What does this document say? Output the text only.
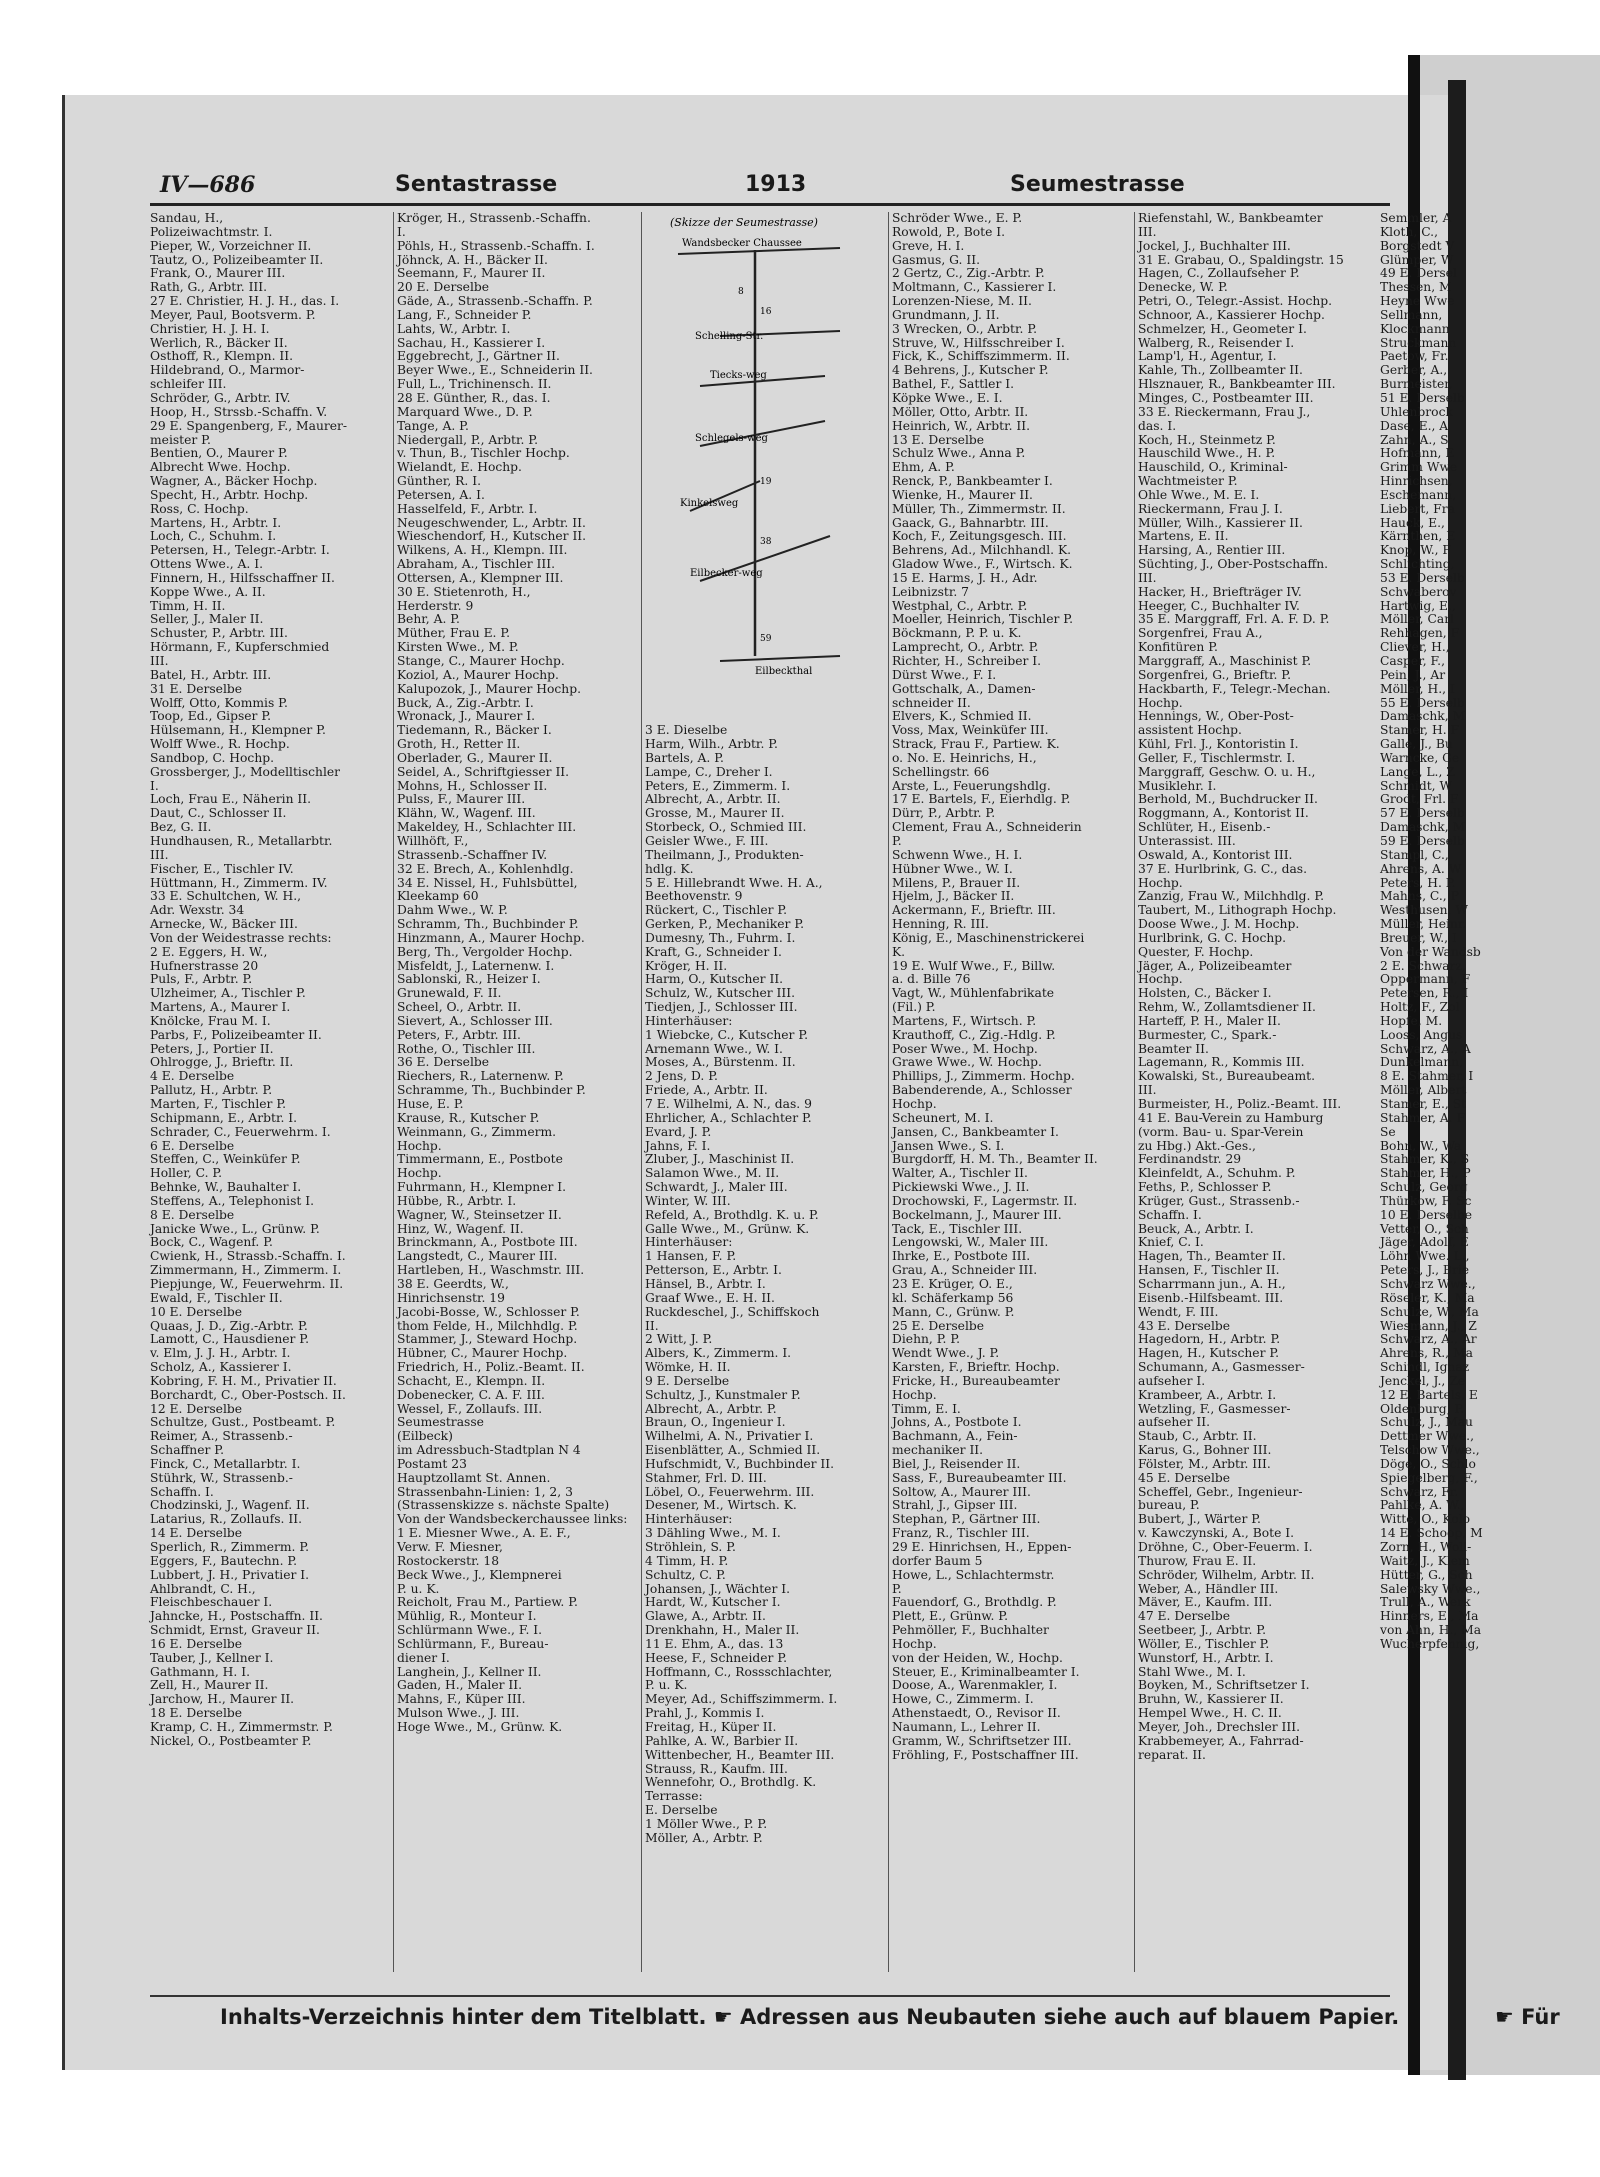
IV—686	Sentastrasse	1913	Seumestrasse
Sandau, H.,
Polizeiwachtmstr. I.
Pieper, W., Vorzeichner II.
Tautz, O., Polizeibeamter II.
Frank, O., Maurer III.
Rath, G., Arbtr. III.
27 E. Christier, H. J. H., das. I.
Meyer, Paul, Bootsverm. P.
Christier, H. J. H. I.
Werlich, R., Bäcker II.
Osthoff, R., Klempn. II.
Hildebrand, O., Marmor-
schleifer III.
Schröder, G., Arbtr. IV.
Hoop, H., Strssb.-Schaffn. V.
29 E. Spangenberg, F., Maurer-
meister P.
Bentien, O., Maurer P.
Albrecht Wwe. Hochp.
Wagner, A., Bäcker Hochp.
Specht, H., Arbtr. Hochp.
Ross, C. Hochp.
Martens, H., Arbtr. I.
Loch, C., Schuhm. I.
Petersen, H., Telegr.-Arbtr. I.
Ottens Wwe., A. I.
Finnern, H., Hilfsschaffner II.
Koppe Wwe., A. II.
Timm, H. II.
Seller, J., Maler II.
Schuster, P., Arbtr. III.
Hörmann, F., Kupferschmied
III.
Batel, H., Arbtr. III.
31 E. Derselbe
Wolff, Otto, Kommis P.
Toop, Ed., Gipser P.
Hülsemann, H., Klempner P.
Wolff Wwe., R. Hochp.
Sandbop, C. Hochp.
Grossberger, J., Modelltischler
I.
Loch, Frau E., Näherin II.
Daut, C., Schlosser II.
Bez, G. II.
Hundhausen, R., Metallarbtr.
III.
Fischer, E., Tischler IV.
Hüttmann, H., Zimmerm. IV.
33 E. Schultchen, W. H.,
Adr. Wexstr. 34
Arnecke, W., Bäcker III.
Von der Weidestrasse rechts:
2 E. Eggers, H. W.,
Hufnerstrasse 20
Puls, F., Arbtr. P.
Ulzheimer, A., Tischler P.
Martens, A., Maurer I.
Knölcke, Frau M. I.
Parbs, F., Polizeibeamter II.
Peters, J., Portier II.
Ohlrogge, J., Brieftr. II.
4 E. Derselbe
Pallutz, H., Arbtr. P.
Marten, F., Tischler P.
Schipmann, E., Arbtr. I.
Schrader, C., Feuerwehrm. I.
6 E. Derselbe
Steffen, C., Weinküfer P.
Holler, C. P.
Behnke, W., Bauhalter I.
Steffens, A., Telephonist I.
8 E. Derselbe
Janicke Wwe., L., Grünw. P.
Bock, C., Wagenf. P.
Cwienk, H., Strassb.-Schaffn. I.
Zimmermann, H., Zimmerm. I.
Piepjunge, W., Feuerwehrm. II.
Ewald, F., Tischler II.
10 E. Derselbe
Quaas, J. D., Zig.-Arbtr. P.
Lamott, C., Hausdiener P.
v. Elm, J. J. H., Arbtr. I.
Scholz, A., Kassierer I.
Kobring, F. H. M., Privatier II.
Borchardt, C., Ober-Postsch. II.
12 E. Derselbe
Schultze, Gust., Postbeamt. P.
Reimer, A., Strassenb.-
Schaffner P.
Finck, C., Metallarbtr. I.
Stührk, W., Strassenb.-
Schaffn. I.
Chodzinski, J., Wagenf. II.
Latarius, R., Zollaufs. II.
14 E. Derselbe
Sperlich, R., Zimmerm. P.
Eggers, F., Bautechn. P.
Lubbert, J. H., Privatier I.
Ahlbrandt, C. H.,
Fleischbeschauer I.
Jahncke, H., Postschaffn. II.
Schmidt, Ernst, Graveur II.
16 E. Derselbe
Tauber, J., Kellner I.
Gathmann, H. I.
Zell, H., Maurer II.
Jarchow, H., Maurer II.
18 E. Derselbe
Kramp, C. H., Zimmermstr. P.
Nickel, O., Postbeamter P.
Kröger, H., Strassenb.-Schaffn.
I.
Pöhls, H., Strassenb.-Schaffn. I.
Jöhnck, A. H., Bäcker II.
Seemann, F., Maurer II.
20 E. Derselbe
Gäde, A., Strassenb.-Schaffn. P.
Lang, F., Schneider P.
Lahts, W., Arbtr. I.
Sachau, H., Kassierer I.
Eggebrecht, J., Gärtner II.
Beyer Wwe., E., Schneiderin II.
Full, L., Trichinensch. II.
28 E. Günther, R., das. I.
Marquard Wwe., D. P.
Tange, A. P.
Niedergall, P., Arbtr. P.
v. Thun, B., Tischler Hochp.
Wielandt, E. Hochp.
Günther, R. I.
Petersen, A. I.
Hasselfeld, F., Arbtr. I.
Neugeschwender, L., Arbtr. II.
Wieschendorf, H., Kutscher II.
Wilkens, A. H., Klempn. III.
Abraham, A., Tischler III.
Ottersen, A., Klempner III.
30 E. Stietenroth, H.,
Herderstr. 9
Behr, A. P.
Müther, Frau E. P.
Kirsten Wwe., M. P.
Stange, C., Maurer Hochp.
Koziol, A., Maurer Hochp.
Kalupozok, J., Maurer Hochp.
Buck, A., Zig.-Arbtr. I.
Wronack, J., Maurer I.
Tiedemann, R., Bäcker I.
Groth, H., Retter II.
Oberlader, G., Maurer II.
Seidel, A., Schriftgiesser II.
Mohns, H., Schlosser II.
Pulss, F., Maurer III.
Klähn, W., Wagenf. III.
Makeldey, H., Schlachter III.
Willhöft, F.,
Strassenb.-Schaffner IV.
32 E. Brech, A., Kohlenhdlg.
34 E. Nissel, H., Fuhlsbüttel,
Kleekamp 60
Dahm Wwe., W. P.
Schramm, Th., Buchbinder P.
Hinzmann, A., Maurer Hochp.
Berg, Th., Vergolder Hochp.
Misfeldt, J., Laternenw. I.
Sablonski, R., Heizer I.
Grunewald, F. II.
Scheel, O., Arbtr. II.
Sievert, A., Schlosser III.
Peters, F., Arbtr. III.
Rothe, O., Tischler III.
36 E. Derselbe
Riechers, R., Laternenw. P.
Schramme, Th., Buchbinder P.
Huse, E. P.
Krause, R., Kutscher P.
Weinmann, G., Zimmerm.
Hochp.
Timmermann, E., Postbote
Hochp.
Fuhrmann, H., Klempner I.
Hübbe, R., Arbtr. I.
Wagner, W., Steinsetzer II.
Hinz, W., Wagenf. II.
Brinckmann, A., Postbote III.
Langstedt, C., Maurer III.
Hartleben, H., Waschmstr. III.
38 E. Geerdts, W.,
Hinrichsenstr. 19
Jacobi-Bosse, W., Schlosser P.
thom Felde, H., Milchhdlg. P.
Stammer, J., Steward Hochp.
Hübner, C., Maurer Hochp.
Friedrich, H., Poliz.-Beamt. II.
Schacht, E., Klempn. II.
Dobenecker, C. A. F. III.
Wessel, F., Zollaufs. III.
Seumestrasse
(Eilbeck)
im Adressbuch-Stadtplan N 4
Postamt 23
Hauptzollamt St. Annen.
Strassenbahn-Linien: 1, 2, 3
(Strassenskizze s. nächste Spalte)
Von der Wandsbeckerchaussee links:
1 E. Miesner Wwe., A. E. F.,
Verw. F. Miesner,
Rostockerstr. 18
Beck Wwe., J., Klempnerei
P. u. K.
Reicholt, Frau M., Partiew. P.
Mühlig, R., Monteur I.
Schlürmann Wwe., F. I.
Schlürmann, F., Bureau-
diener I.
Langhein, J., Kellner II.
Gaden, H., Maler II.
Mahns, F., Küper III.
Mulson Wwe., J. III.
Hoge Wwe., M., Grünw. K.
3 E. Dieselbe
Harm, Wilh., Arbtr. P.
Bartels, A. P.
Lampe, C., Dreher I.
Peters, E., Zimmerm. I.
Albrecht, A., Arbtr. II.
Grosse, M., Maurer II.
Storbeck, O., Schmied III.
Geisler Wwe., F. III.
Theilmann, J., Produkten-
hdlg. K.
5 E. Hillebrandt Wwe. H. A.,
Beethovenstr. 9
Rückert, C., Tischler P.
Gerken, P., Mechaniker P.
Dumesny, Th., Fuhrm. I.
Kraft, G., Schneider I.
Kröger, H. II.
Harm, O., Kutscher II.
Schulz, W., Kutscher III.
Tiedjen, J., Schlosser III.
Hinterhäuser:
1 Wiebcke, C., Kutscher P.
Arnemann Wwe., W. I.
Moses, A., Bürstenm. II.
2 Jens, D. P.
Friede, A., Arbtr. II.
7 E. Wilhelmi, A. N., das. 9
Ehrlicher, A., Schlachter P.
Evard, J. P.
Jahns, F. I.
Zluber, J., Maschinist II.
Salamon Wwe., M. II.
Schwardt, J., Maler III.
Winter, W. III.
Refeld, A., Brothdlg. K. u. P.
Galle Wwe., M., Grünw. K.
Hinterhäuser:
1 Hansen, F. P.
Petterson, E., Arbtr. I.
Hänsel, B., Arbtr. I.
Graaf Wwe., E. H. II.
Ruckdeschel, J., Schiffskoch
II.
2 Witt, J. P.
Albers, K., Zimmerm. I.
Wömke, H. II.
9 E. Derselbe
Schultz, J., Kunstmaler P.
Albrecht, A., Arbtr. P.
Braun, O., Ingenieur I.
Wilhelmi, A. N., Privatier I.
Eisenblätter, A., Schmied II.
Hufschmidt, V., Buchbinder II.
Stahmer, Frl. D. III.
Löbel, O., Feuerwehrm. III.
Desener, M., Wirtsch. K.
Hinterhäuser:
3 Dähling Wwe., M. I.
Ströhlein, S. P.
4 Timm, H. P.
Schultz, C. P.
Johansen, J., Wächter I.
Hardt, W., Kutscher I.
Glawe, A., Arbtr. II.
Drenkhahn, H., Maler II.
11 E. Ehm, A., das. 13
Heese, F., Schneider P.
Hoffmann, C., Rossschlachter,
P. u. K.
Meyer, Ad., Schiffszimmerm. I.
Prahl, J., Kommis I.
Freitag, H., Küper II.
Pahlke, A. W., Barbier II.
Wittenbecher, H., Beamter III.
Strauss, R., Kaufm. III.
Wennefohr, O., Brothdlg. K.
Terrasse:
E. Derselbe
1 Möller Wwe., P. P.
Möller, A., Arbtr. P.
Schröder Wwe., E. P.
Rowold, P., Bote I.
Greve, H. I.
Gasmus, G. II.
2 Gertz, C., Zig.-Arbtr. P.
Moltmann, C., Kassierer I.
Lorenzen-Niese, M. II.
Grundmann, J. II.
3 Wrecken, O., Arbtr. P.
Struve, W., Hilfsschreiber I.
Fick, K., Schiffszimmerm. II.
4 Behrens, J., Kutscher P.
Bathel, F., Sattler I.
Köpke Wwe., E. I.
Möller, Otto, Arbtr. II.
Heinrich, W., Arbtr. II.
13 E. Derselbe
Schulz Wwe., Anna P.
Ehm, A. P.
Renck, P., Bankbeamter I.
Wienke, H., Maurer II.
Müller, Th., Zimmermstr. II.
Gaack, G., Bahnarbtr. III.
Koch, F., Zeitungsgesch. III.
Behrens, Ad., Milchhandl. K.
Gladow Wwe., F., Wirtsch. K.
15 E. Harms, J. H., Adr.
Leibnizstr. 7
Westphal, C., Arbtr. P.
Moeller, Heinrich, Tischler P.
Böckmann, P. P. u. K.
Lamprecht, O., Arbtr. P.
Richter, H., Schreiber I.
Dürst Wwe., F. I.
Gottschalk, A., Damen-
schneider II.
Elvers, K., Schmied II.
Voss, Max, Weinküfer III.
Strack, Frau F., Partiew. K.
o. No. E. Heinrichs, H.,
Schellingstr. 66
Arste, L., Feuerungshdlg.
17 E. Bartels, F., Eierhdlg. P.
Dürr, P., Arbtr. P.
Clement, Frau A., Schneiderin
P.
Schwenn Wwe., H. I.
Hübner Wwe., W. I.
Milens, P., Brauer II.
Hjelm, J., Bäcker II.
Ackermann, F., Brieftr. III.
Henning, R. III.
König, E., Maschinenstrickerei
K.
19 E. Wulf Wwe., F., Billw.
a. d. Bille 76
Vagt, W., Mühlenfabrikate
(Fil.) P.
Martens, F., Wirtsch. P.
Krauthoff, C., Zig.-Hdlg. P.
Poser Wwe., M. Hochp.
Grawe Wwe., W. Hochp.
Phillips, J., Zimmerm. Hochp.
Babenderende, A., Schlosser
Hochp.
Scheunert, M. I.
Jansen, C., Bankbeamter I.
Jansen Wwe., S. I.
Burgdorff, H. M. Th., Beamter II.
Walter, A., Tischler II.
Pickiewski Wwe., J. II.
Drochowski, F., Lagermstr. II.
Bockelmann, J., Maurer III.
Tack, E., Tischler III.
Lengowski, W., Maler III.
Ihrke, E., Postbote III.
Grau, A., Schneider III.
23 E. Krüger, O. E.,
kl. Schäferkamp 56
Mann, C., Grünw. P.
25 E. Derselbe
Diehn, P. P.
Wendt Wwe., J. P.
Karsten, F., Brieftr. Hochp.
Fricke, H., Bureaubeamter
Hochp.
Timm, E. I.
Johns, A., Postbote I.
Bachmann, A., Fein-
mechaniker II.
Biel, J., Reisender II.
Sass, F., Bureaubeamter III.
Soltow, A., Maurer III.
Strahl, J., Gipser III.
Stephan, P., Gärtner III.
Franz, R., Tischler III.
29 E. Hinrichsen, H., Eppen-
dorfer Baum 5
Howe, L., Schlachtermstr.
P.
Fauendorf, G., Brothdlg. P.
Plett, E., Grünw. P.
Pehmöller, F., Buchhalter
Hochp.
von der Heiden, W., Hochp.
Steuer, E., Kriminalbeamter I.
Doose, A., Warenmakler, I.
Howe, C., Zimmerm. I.
Athenstaedt, O., Revisor II.
Naumann, L., Lehrer II.
Gramm, W., Schriftsetzer III.
Fröhling, F., Postschaffner III.
Riefenstahl, W., Bankbeamter
III.
Jockel, J., Buchhalter III.
31 E. Grabau, O., Spaldingstr. 15
Hagen, C., Zollaufseher P.
Denecke, W. P.
Petri, O., Telegr.-Assist. Hochp.
Schnoor, A., Kassierer Hochp.
Schmelzer, H., Geometer I.
Walberg, R., Reisender I.
Lamp'l, H., Agentur, I.
Kahle, Th., Zollbeamter II.
Hlsznauer, R., Bankbeamter III.
Minges, C., Postbeamter III.
33 E. Rieckermann, Frau J.,
das. I.
Koch, H., Steinmetz P.
Hauschild Wwe., H. P.
Hauschild, O., Kriminal-
Wachtmeister P.
Ohle Wwe., M. E. I.
Rieckermann, Frau J. I.
Müller, Wilh., Kassierer II.
Martens, E. II.
Harsing, A., Rentier III.
Süchting, J., Ober-Postschaffn.
III.
Hacker, H., Briefträger IV.
Heeger, C., Buchhalter IV.
35 E. Marggraff, Frl. A. F. D. P.
Sorgenfrei, Frau A.,
Konfitüren P.
Marggraff, A., Maschinist P.
Sorgenfrei, G., Brieftr. P.
Hackbarth, F., Telegr.-Mechan.
Hochp.
Hennings, W., Ober-Post-
assistent Hochp.
Kühl, Frl. J., Kontoristin I.
Geller, F., Tischlermstr. I.
Marggraff, Geschw. O. u. H.,
Musiklehr. I.
Berhold, M., Buchdrucker II.
Roggmann, A., Kontorist II.
Schlüter, H., Eisenb.-
Unterassist. III.
Oswald, A., Kontorist III.
37 E. Hurlbrink, G. C., das.
Hochp.
Zanzig, Frau W., Milchhdlg. P.
Taubert, M., Lithograph Hochp.
Doose Wwe., J. M. Hochp.
Hurlbrink, G. C. Hochp.
Quester, F. Hochp.
Jäger, A., Polizeibeamter
Hochp.
Holsten, C., Bäcker I.
Rehm, W., Zollamtsdiener II.
Harteff, P. H., Maler II.
Burmester, C., Spark.-
Beamter II.
Lagemann, R., Kommis III.
Kowalski, St., Bureaubeamt.
III.
Burmeister, H., Poliz.-Beamt. III.
41 E. Bau-Verein zu Hamburg
(vorm. Bau- u. Spar-Verein
zu Hbg.) Akt.-Ges.,
Ferdinandstr. 29
Kleinfeldt, A., Schuhm. P.
Feths, P., Schlosser P.
Krüger, Gust., Strassenb.-
Schaffn. I.
Beuck, A., Arbtr. I.
Knief, C. I.
Hagen, Th., Beamter II.
Hansen, F., Tischler II.
Scharrmann jun., A. H.,
Eisenb.-Hilfsbeamt. III.
Wendt, F. III.
43 E. Derselbe
Hagedorn, H., Arbtr. P.
Hagen, H., Kutscher P.
Schumann, A., Gasmesser-
aufseher I.
Krambeer, A., Arbtr. I.
Wetzling, F., Gasmesser-
aufseher II.
Staub, C., Arbtr. II.
Karus, G., Bohner III.
Fölster, M., Arbtr. III.
45 E. Derselbe
Scheffel, Gebr., Ingenieur-
bureau, P.
Bubert, J., Wärter P.
v. Kawczynski, A., Bote I.
Dröhne, C., Ober-Feuerm. I.
Thurow, Frau E. II.
Schröder, Wilhelm, Arbtr. II.
Weber, A., Händler III.
Mäver, E., Kaufm. III.
47 E. Derselbe
Seetbeer, J., Arbtr. P.
Wöller, E., Tischler P.
Wunstorf, H., Arbtr. I.
Stahl Wwe., M. I.
Boyken, M., Schriftsetzer I.
Bruhn, W., Kassierer II.
Hempel Wwe., H. C. II.
Meyer, Joh., Drechsler III.
Krabbemeyer, A., Fahrrad-
reparat. II.
Semmler, A
Kloth, C.,
Borgstedt V
Glümper, W
49 E. Dersel
Thessen, M
Heyne Wwe
Sellmann,
Klockmann
Struckmann
Paetow, Fr.
Gerber, A.,
Burmeister,
51 E. Derselb
Uhlenbrock
Dase, E., A
Zahn, A., S
Hofmann, E
Grimm Wwe
Hinrichsen,
Eschemann,
Liebert, Fra
Hauck, E.,
Kärnthen, E
Knop, W., F
Schlichting,
53 E. Derselb
Schwaberov
Hartwig, E.,
Möller, Carl
Rehhagen, F
Cliever, H.,
Casper, F.,
Pein, J., Ar
Möller, H., I
55 E. Derselb
Damaschk, M
Stamer, H. F
Galle, J., Bu
Warncke, Ge
Lange, L., Z
Schmidt, W
Grodt, Frl. F
57 E. Derselb
Damaschk, M
59 E. Derselb
Stampl, C.,
Ahrens, A. W
Peters, H. P.
Mahns, C., P
Westhusen, W
Müller, Heinr.
Breuer, W., I
Von der Wandsb
2 E. Schwarz,
Oppermann, F
Petersen, R., I
Holtz, F., Zol
Hopfe, M.
Looss, Angus
Schwarz, A., A
Dunkelmann,
8 E. Stahmer, I
Möller, Albert
Stamer, E., St
Stahmer, A. F
Se
Bohn, W., Wa
Stahmer, K., S
Stahmer, H., P
Schulz, Georg
Thürkow, F. Sc
10 E. Derselbe
Vetter, O., Sch
Jäger, Adolf, E
Löhn Wwe. L.,
Peters, J., Brie
Schwarz Wwe.,
Röseler, K., Ma
Schulze, W., Ma
Wiesmann, J., Z
Schwarz, A., Ar
Ahrens, R., Ma
Schindl, Ignaz
Jenckel, J., Ze
12 E. Bartels, E
Oldenburg, P.
Schulz, J., Mau
Dettmer Wwe.,
Telschow Wwe.,
Döge, O., Schlo
Spiegelberg, F.,
Schwarz, Fr.
Pahlke, A. W.,
Witte, O., Kolo
14 E. Schoop, M
Zorn, H., Woll-
Waitz, J., Klem
Hütter, G., Sch
Salewsky Wwe.,
Trull, A., Werk
Hinners, E., Ma
von Ahn, H., Ma
Wucherpfennig,
(Skizze der Seumestrasse)
Wandsbecker Chaussee
Schelling-Str.
Tiecks-weg
Schlegels-weg
Kinkelsweg
Eilbecker-weg
Eilbeckthal
8
16
19
38
59
Inhalts-Verzeichnis hinter dem Titelblatt. ☛ Adressen aus Neubauten siehe auch auf blauem Papier.	☛ Für
